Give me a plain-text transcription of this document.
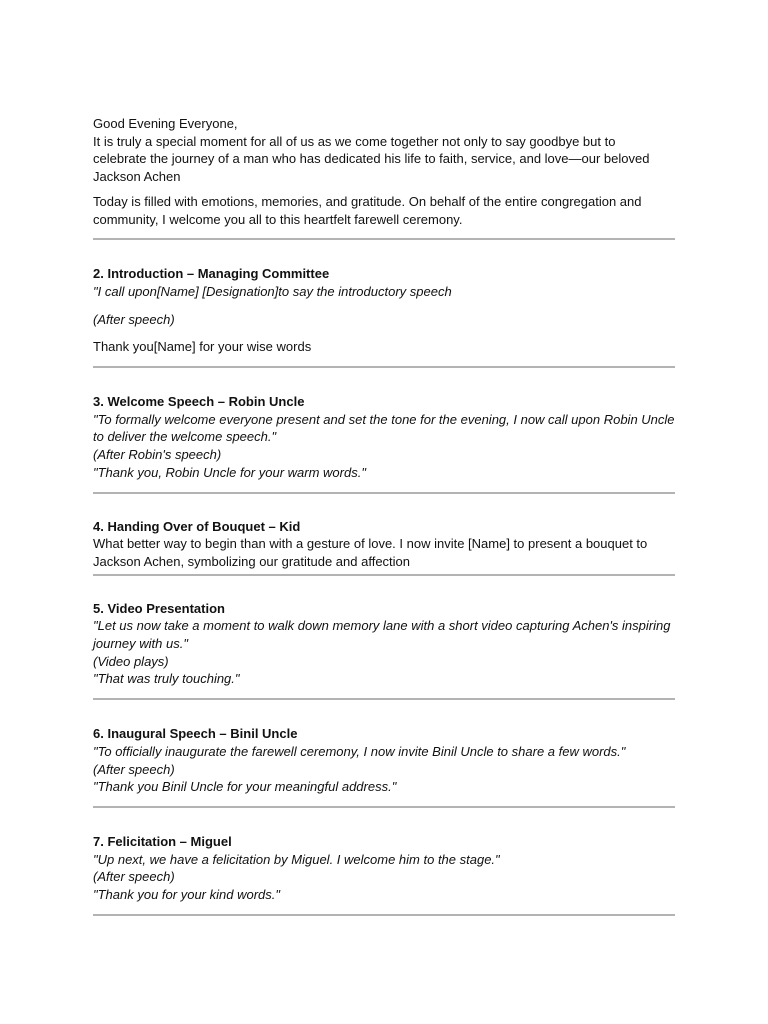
Good Evening Everyone,

It is truly a special moment for all of us as we come together not only to say goodbye but to

celebrate the journey of a man who has dedicated his life to faith, service, and love—our beloved

Jackson Achen

Today is filled with emotions, memories, and gratitude. On behalf of the entire congregation and

community, I welcome you all to this heartfelt farewell ceremony.

2. Introduction – Managing Committee

"I call upon[Name] [Designation]to say the introductory speech

(After speech)

Thank you[Name] for your wise words

3. Welcome Speech – Robin Uncle

"To formally welcome everyone present and set the tone for the evening, I now call upon Robin Uncle

to deliver the welcome speech."

(After Robin's speech)

"Thank you, Robin Uncle for your warm words."

4. Handing Over of Bouquet – Kid

What better way to begin than with a gesture of love. I now invite [Name] to present a bouquet to

Jackson Achen, symbolizing our gratitude and affection

5. Video Presentation

"Let us now take a moment to walk down memory lane with a short video capturing Achen's inspiring

journey with us."

(Video plays)

"That was truly touching."

6. Inaugural Speech – Binil Uncle

"To officially inaugurate the farewell ceremony, I now invite Binil Uncle to share a few words."

(After speech)

"Thank you Binil Uncle for your meaningful address."

7. Felicitation – Miguel

"Up next, we have a felicitation by Miguel. I welcome him to the stage."

(After speech)

"Thank you for your kind words."
